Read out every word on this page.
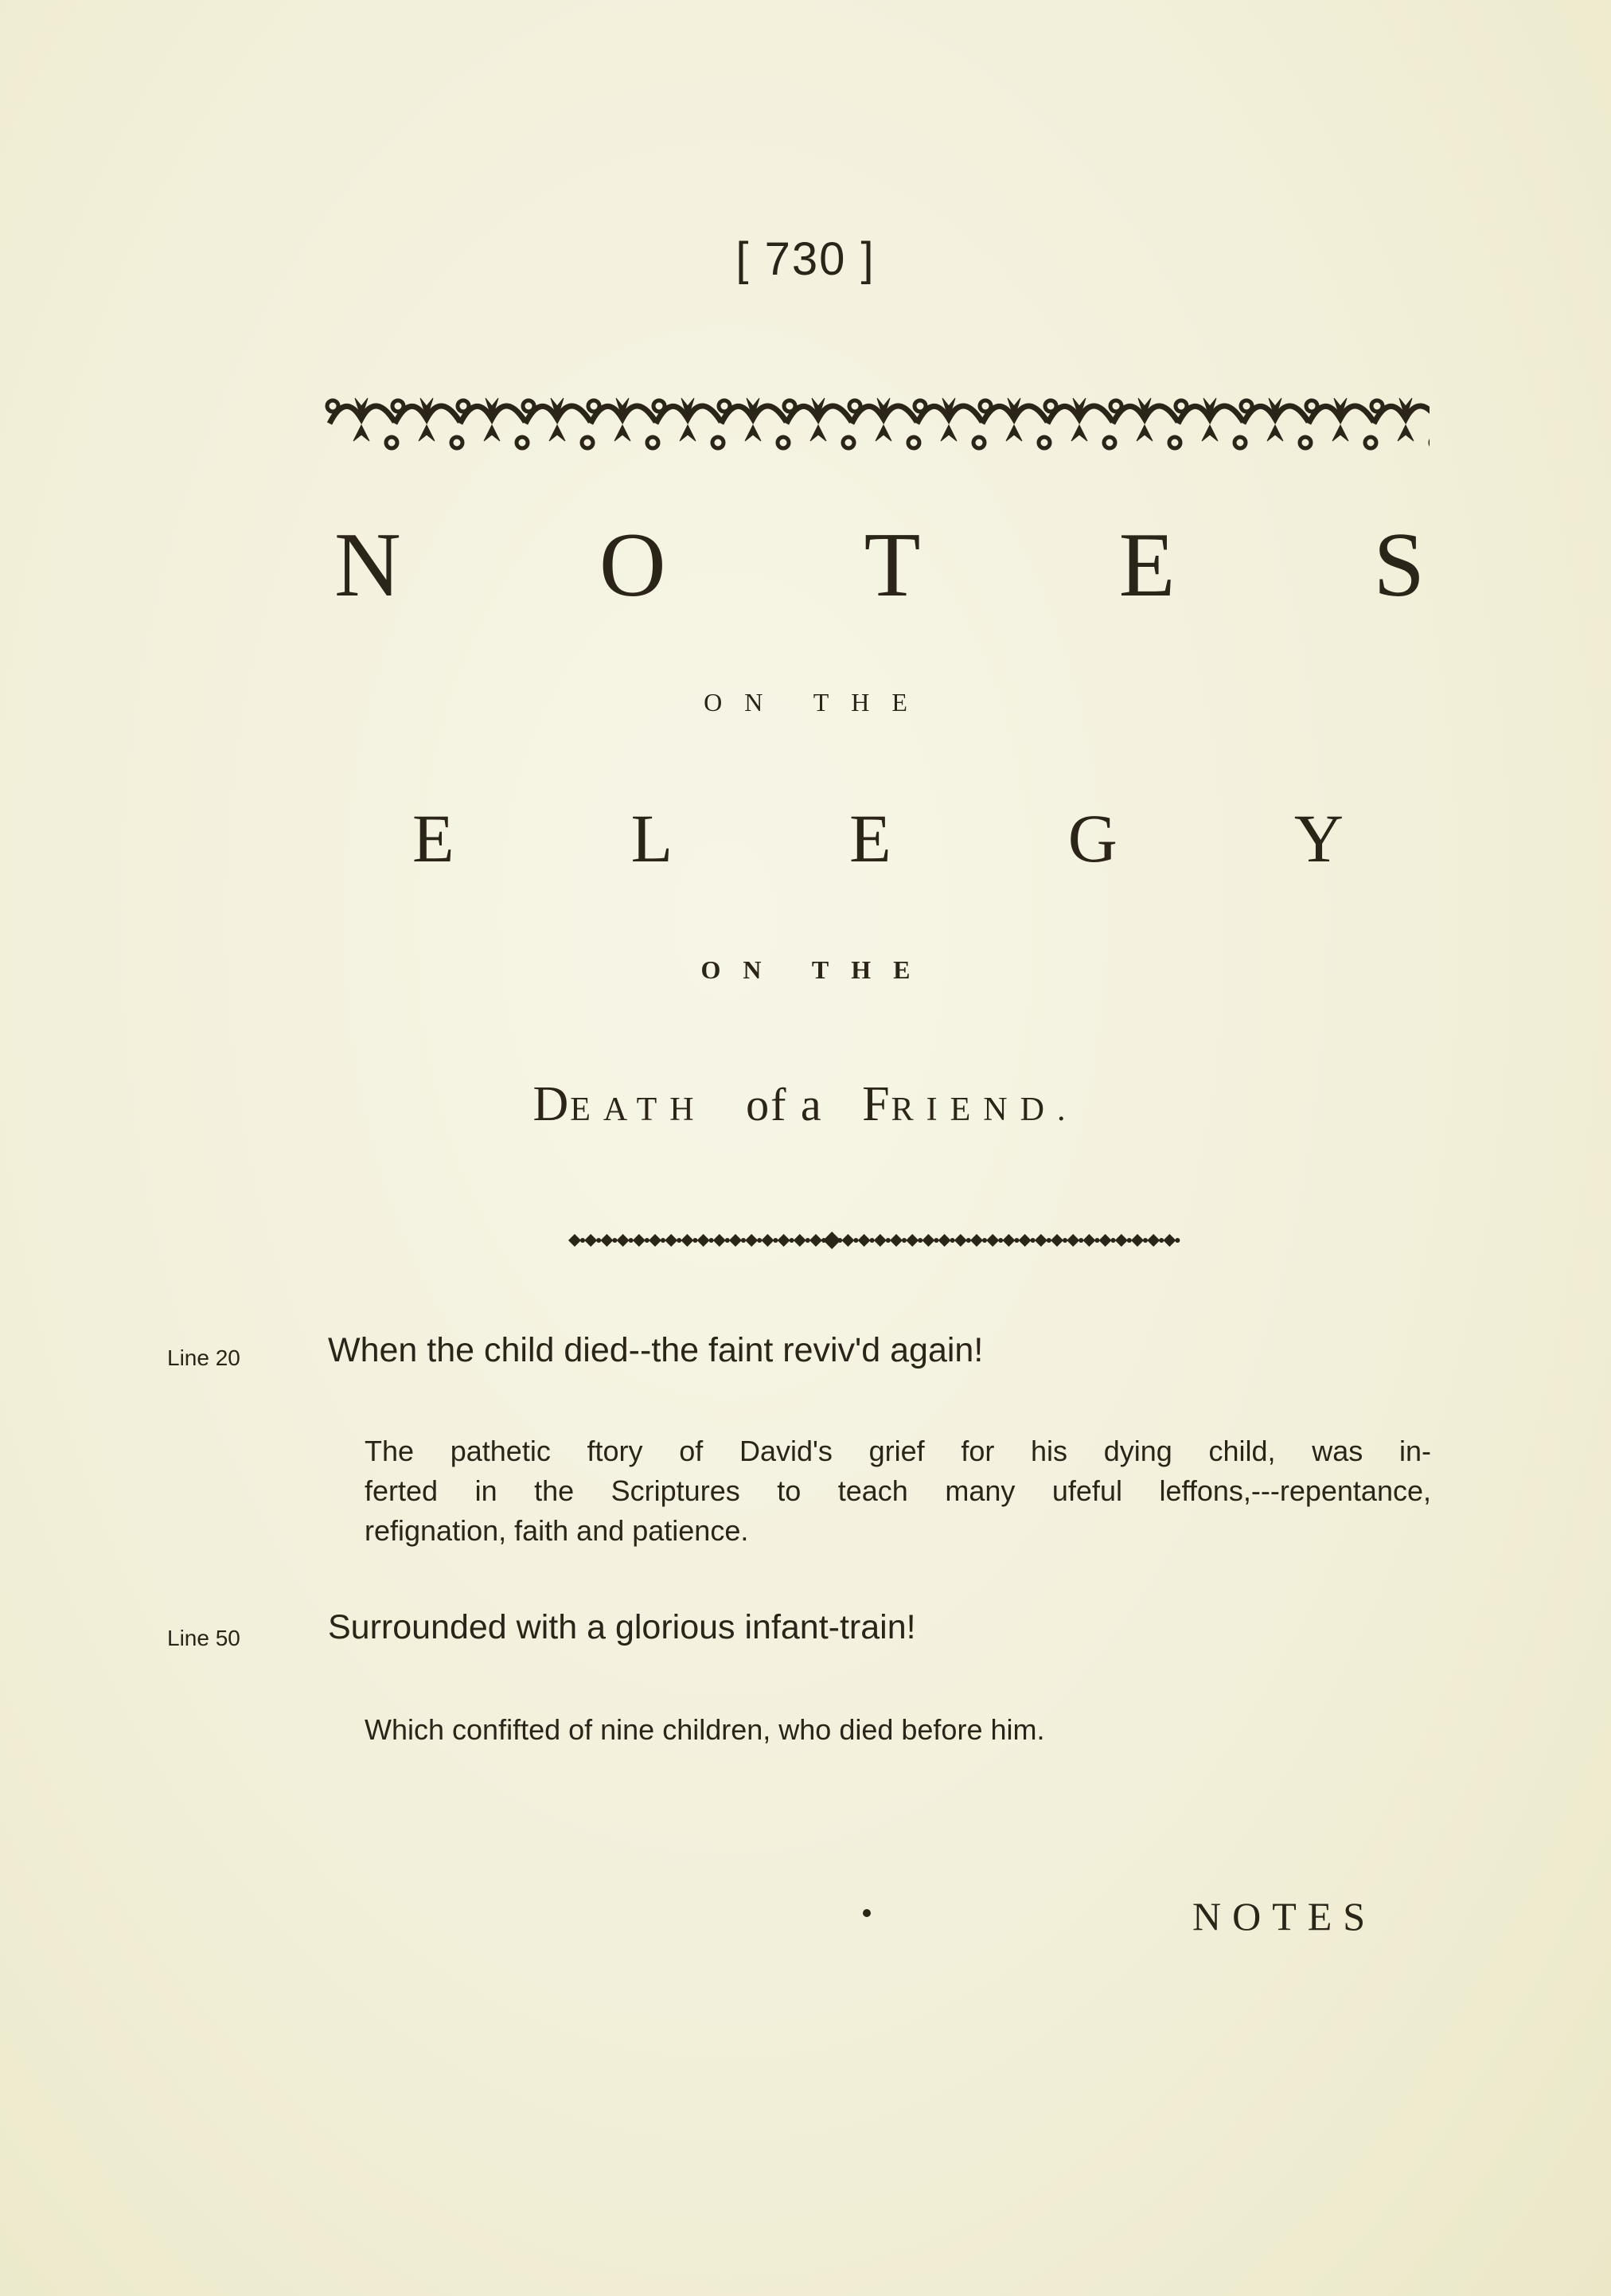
[ 730 ]
N O T E S
ON THE
E	L	E	G	Y
ON THE
DEATH of a FRIEND.
Line 20	When the child died--the faint reviv'd again!
The pathetic ftory of David's grief for his dying child, was in-
ferted in the Scriptures to teach many ufeful leffons,---repentance,
refignation, faith and patience.
Line 50	Surrounded with a glorious infant-train!
Which confifted of nine children, who died before him.
NOTES
